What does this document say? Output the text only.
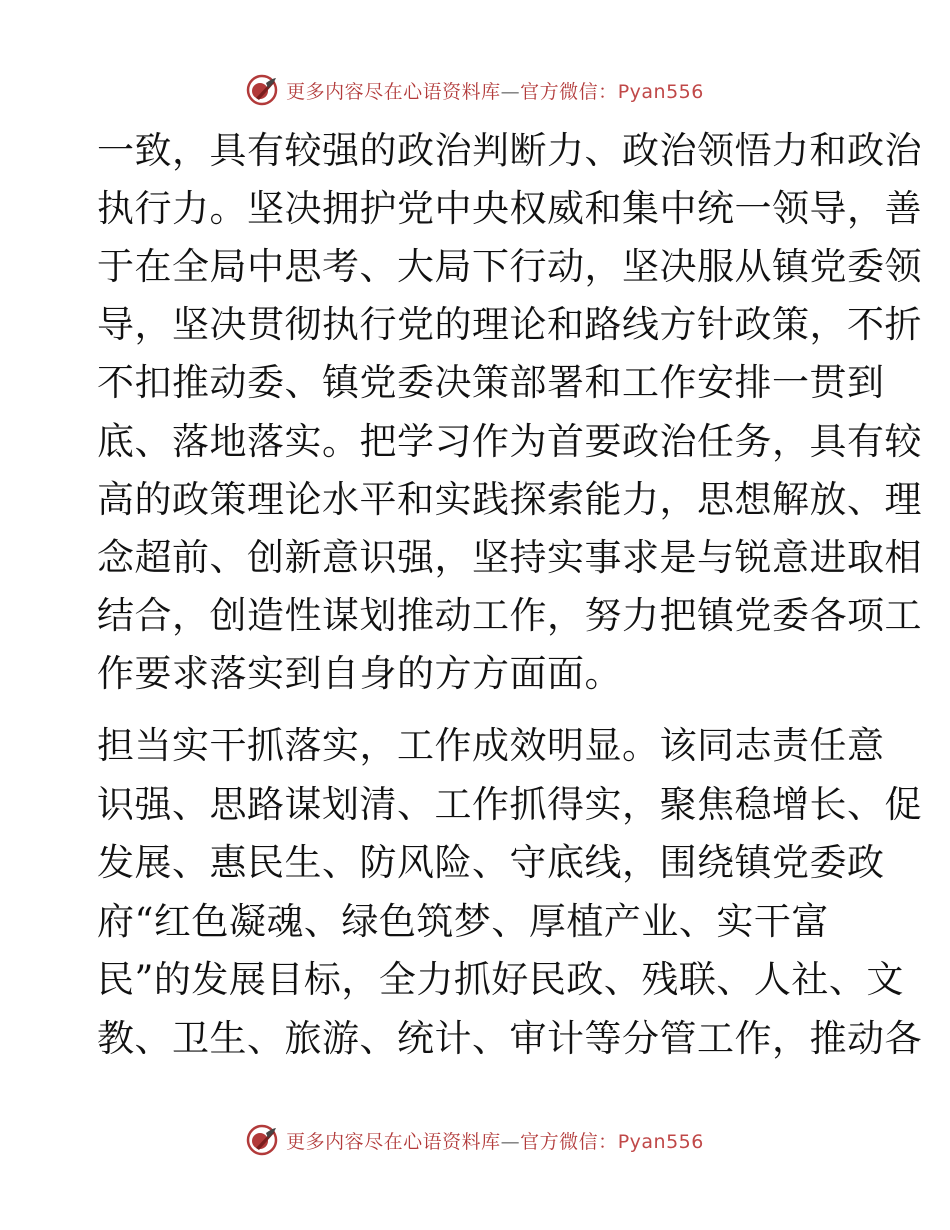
更多内容尽在心语资料库—官方微信：Pyan556
一致，具有较强的政治判断力、政治领悟力和政治
执行力。坚决拥护党中央权威和集中统一领导，善
于在全局中思考、大局下行动，坚决服从镇党委领
导，坚决贯彻执行党的理论和路线方针政策，不折
不扣推动委、镇党委决策部署和工作安排一贯到
底、落地落实。把学习作为首要政治任务，具有较
高的政策理论水平和实践探索能力，思想解放、理
念超前、创新意识强，坚持实事求是与锐意进取相
结合，创造性谋划推动工作，努力把镇党委各项工
作要求落实到自身的方方面面。
担当实干抓落实，工作成效明显。该同志责任意
识强、思路谋划清、工作抓得实，聚焦稳增长、促
发展、惠民生、防风险、守底线，围绕镇党委政
府“红色凝魂、绿色筑梦、厚植产业、实干富
民”的发展目标，全力抓好民政、残联、人社、文
教、卫生、旅游、统计、审计等分管工作，推动各
更多内容尽在心语资料库—官方微信：Pyan556
